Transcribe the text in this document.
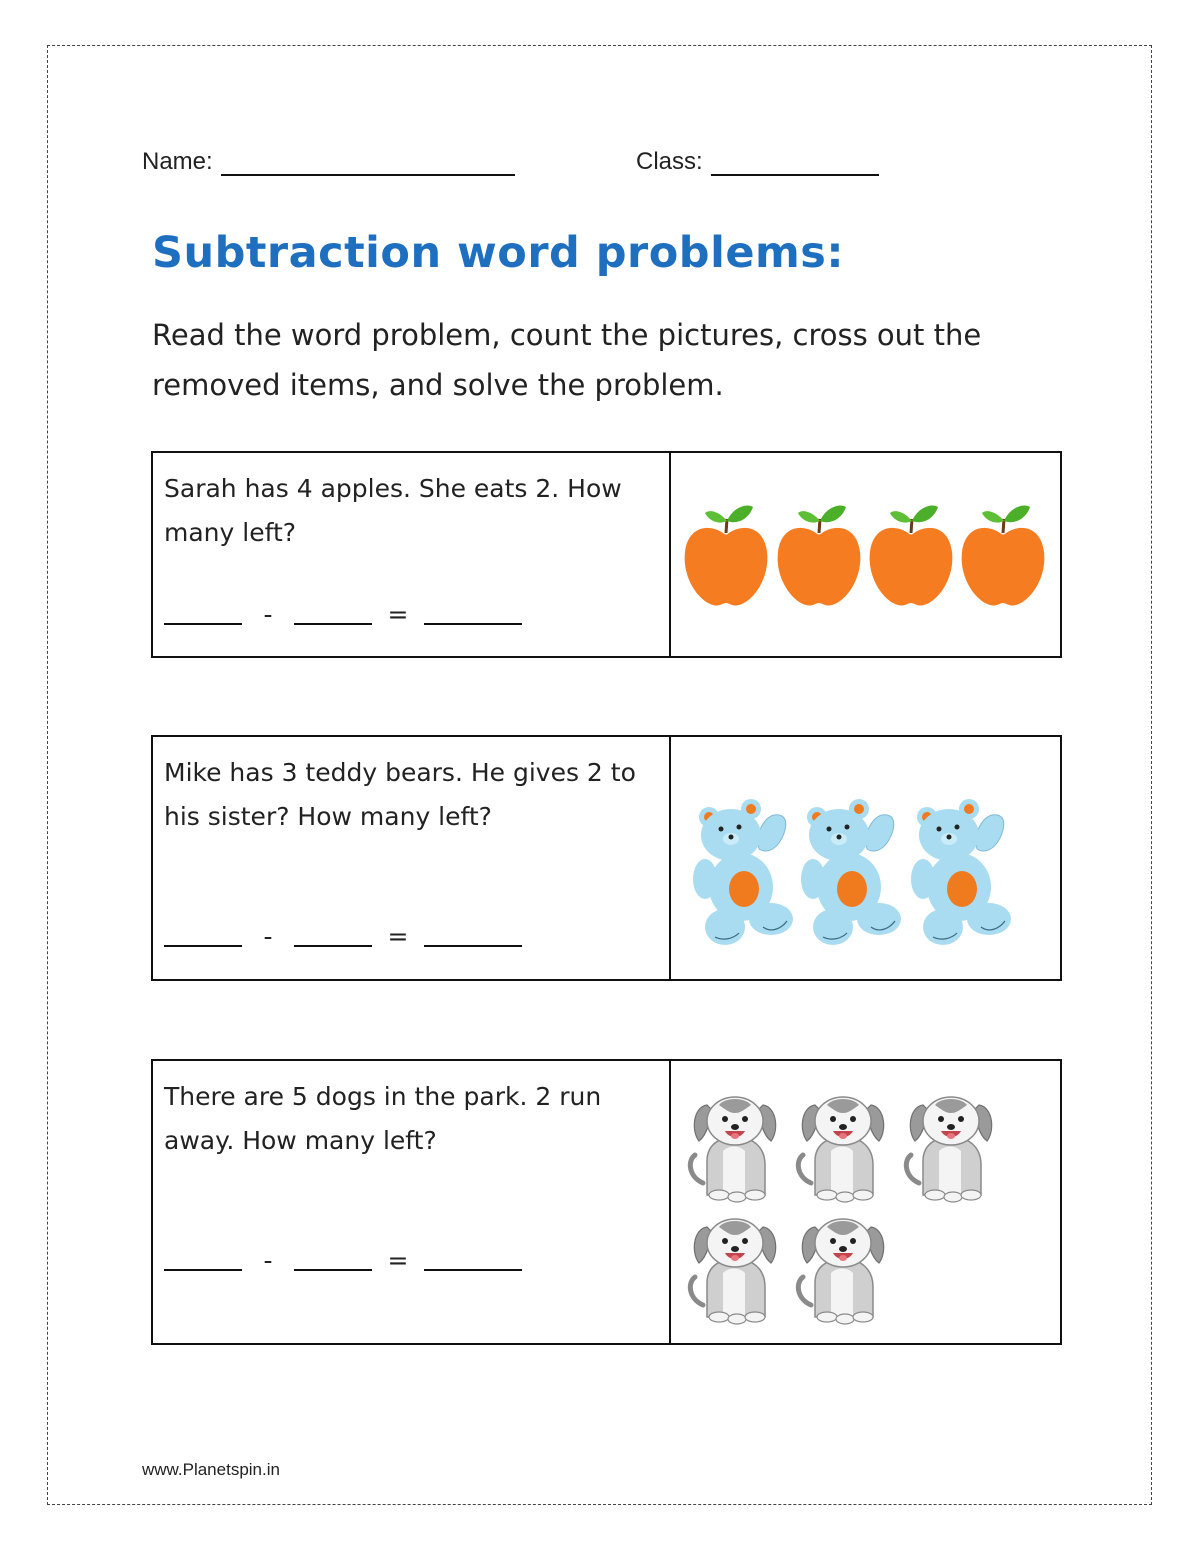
Name:	Class:
Subtraction word problems:

Read the word problem, count the pictures, cross out the removed items, and solve the problem.

Sarah has 4 apples. She eats 2. How many left?

-	=

Mike has 3 teddy bears. He gives 2 to his sister? How many left?

-	=

There are 5 dogs in the park. 2 run away. How many left?

-	=
www.Planetspin.in
